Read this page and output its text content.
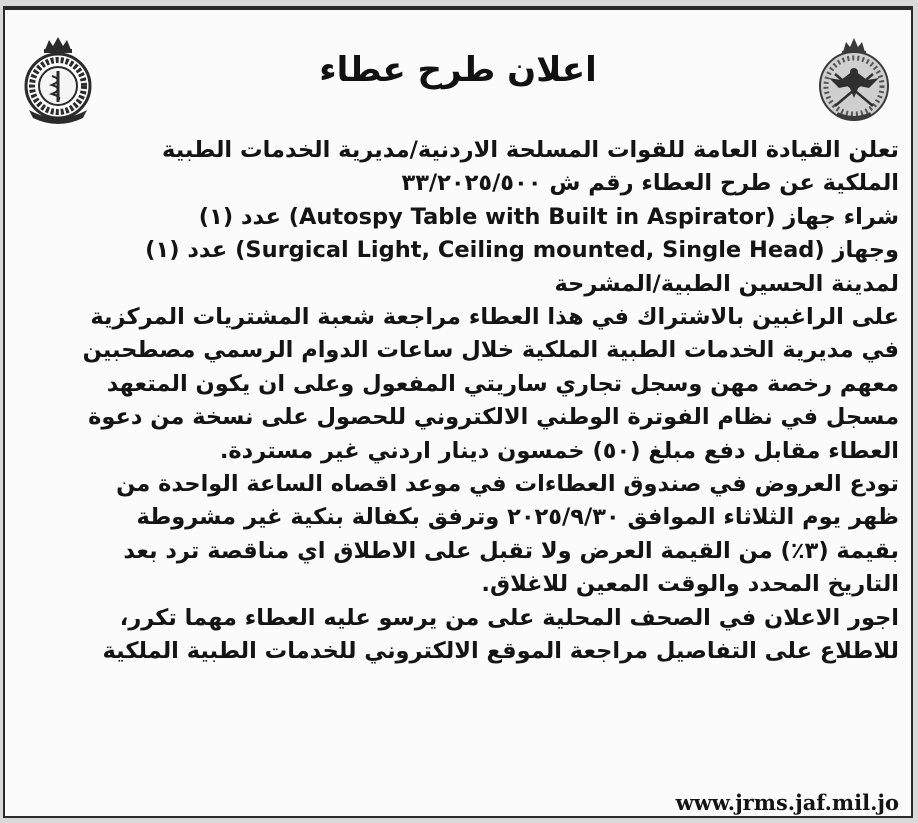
اعلان طرح عطاء
تعلن القيادة العامة للقوات المسلحة الاردنية/مديرية الخدمات الطبية
الملكية عن طرح العطاء رقم ش ٣٣/٢٠٢٥/٥٠٠
شراء جهاز (Autospy Table with Built in Aspirator) عدد (١)
وجهاز (Surgical Light, Ceiling mounted, Single Head) عدد (١)
لمدينة الحسين الطبية/المشرحة
على الراغبين بالاشتراك في هذا العطاء مراجعة شعبة المشتريات المركزية
في مديرية الخدمات الطبية الملكية خلال ساعات الدوام الرسمي مصطحبين
معهم رخصة مهن وسجل تجاري ساريتي المفعول وعلى ان يكون المتعهد
مسجل في نظام الفوترة الوطني الالكتروني للحصول على نسخة من دعوة
العطاء مقابل دفع مبلغ (٥٠) خمسون دينار اردني غير مستردة.
تودع العروض في صندوق العطاءات في موعد اقصاه الساعة الواحدة من
ظهر يوم الثلاثاء الموافق ٢٠٢٥/٩/٣٠ وترفق بكفالة بنكية غير مشروطة
بقيمة (٣٪) من القيمة العرض ولا تقبل على الاطلاق اي مناقصة ترد بعد
التاريخ المحدد والوقت المعين للاغلاق.
اجور الاعلان في الصحف المحلية على من يرسو عليه العطاء مهما تكرر،
للاطلاع على التفاصيل مراجعة الموقع الالكتروني للخدمات الطبية الملكية
www.jrms.jaf.mil.jo
